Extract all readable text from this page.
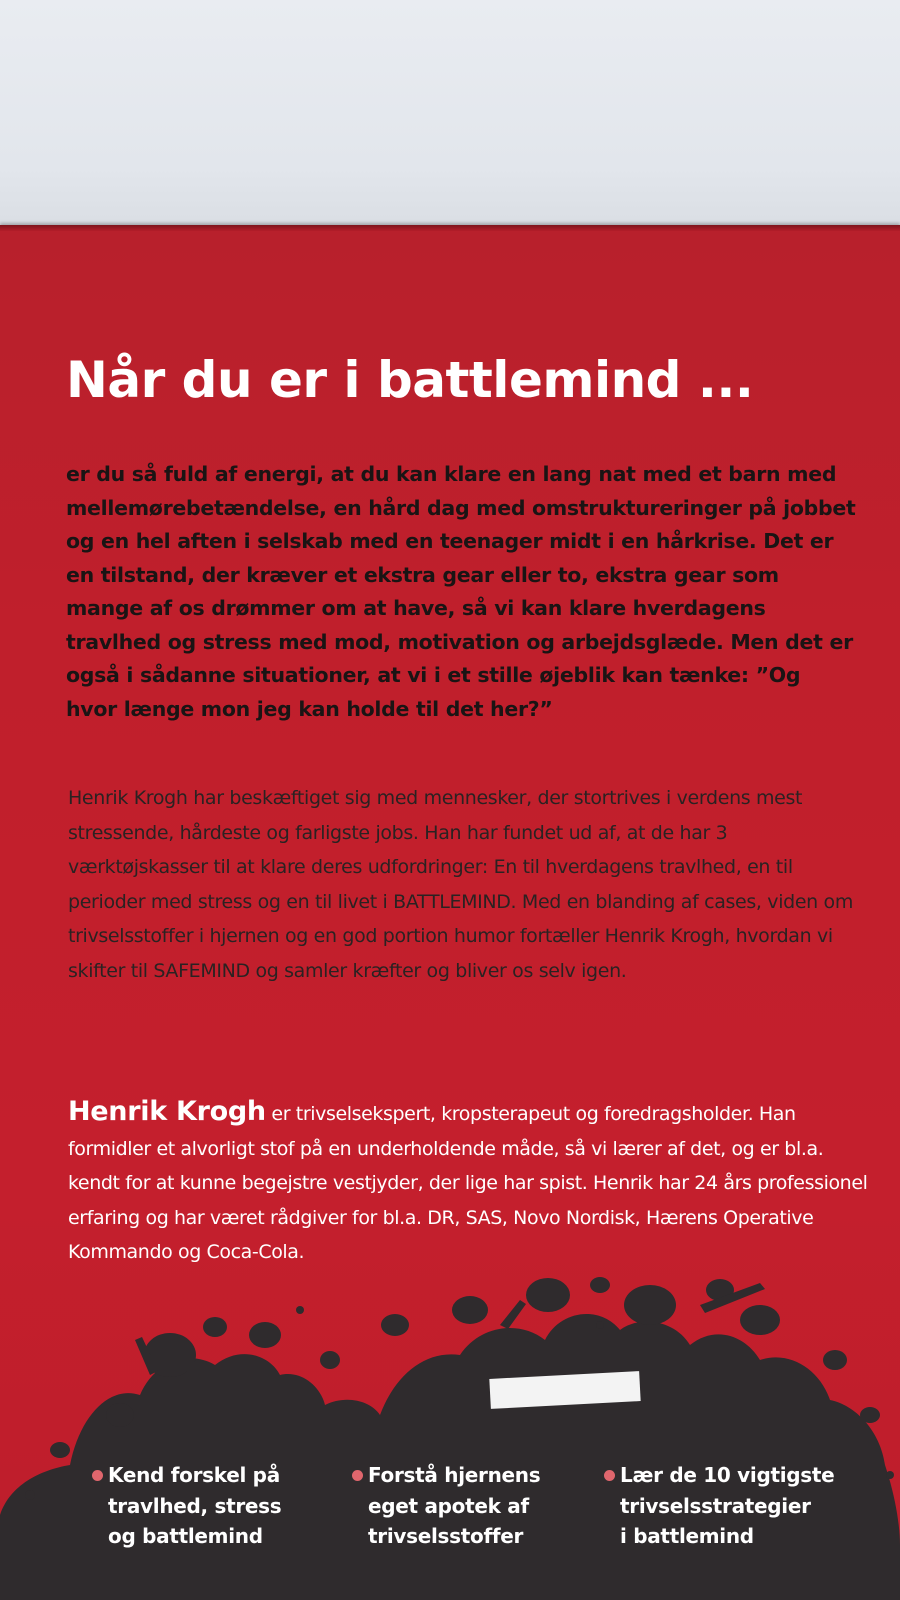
Når du er i battlemind ...

er du så fuld af energi, at du kan klare en lang nat med et barn med mellemørebetændelse, en hård dag med omstruktureringer på jobbet og en hel aften i selskab med en teenager midt i en hårkrise. Det er en tilstand, der kræver et ekstra gear eller to, ekstra gear som mange af os drømmer om at have, så vi kan klare hverdagens travlhed og stress med mod, motivation og arbejdsglæde. Men det er også i sådanne situationer, at vi i et stille øjeblik kan tænke: ”Og hvor længe mon jeg kan holde til det her?”

Henrik Krogh har beskæftiget sig med mennesker, der stortrives i verdens mest stressende, hårdeste og farligste jobs. Han har fundet ud af, at de har 3 værktøjskasser til at klare deres udfordringer: En til hverdagens travlhed, en til perioder med stress og en til livet i BATTLEMIND. Med en blanding af cases, viden om trivselsstoffer i hjernen og en god portion humor fortæller Henrik Krogh, hvordan vi skifter til SAFEMIND og samler kræfter og bliver os selv igen.

Henrik Krogh er trivselsekspert, kropsterapeut og foredragsholder. Han formidler et alvorligt stof på en underholdende måde, så vi lærer af det, og er bl.a. kendt for at kunne begejstre vestjyder, der lige har spist. Henrik har 24 års professionel erfaring og har været rådgiver for bl.a. DR, SAS, Novo Nordisk, Hærens Operative Kommando og Coca-Cola.

Kend forskel på
travlhed, stress
og battlemind
Forstå hjernens
eget apotek af
trivselsstoffer
Lær de 10 vigtigste
trivselsstrategier
i battlemind
